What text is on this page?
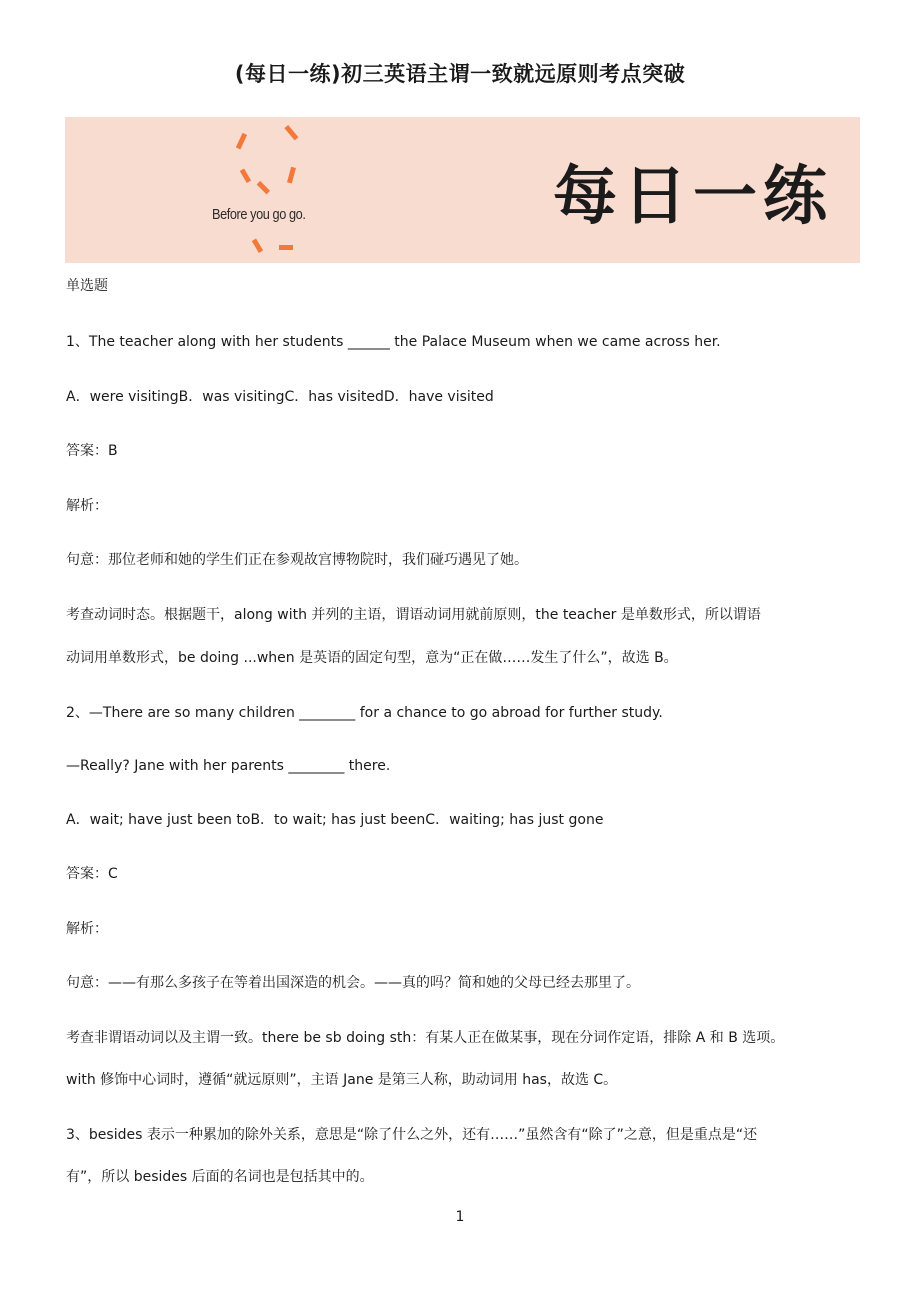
(每日一练)初三英语主谓一致就远原则考点突破
Before you go go.	每日一练
单选题
1、The teacher along with her students ______ the Palace Museum when we came across her.
A．were visitingB．was visitingC．has visitedD．have visited
答案：B
解析：
句意：那位老师和她的学生们正在参观故宫博物院时，我们碰巧遇见了她。
考查动词时态。根据题干，along with 并列的主语，谓语动词用就前原则，the teacher 是单数形式，所以谓语
动词用单数形式，be doing ...when 是英语的固定句型，意为“正在做……发生了什么”，故选 B。
2、—There are so many children ________ for a chance to go abroad for further study.
—Really? Jane with her parents ________ there.
A．wait; have just been toB．to wait; has just beenC．waiting; has just gone
答案：C
解析：
句意：——有那么多孩子在等着出国深造的机会。——真的吗？简和她的父母已经去那里了。
考查非谓语动词以及主谓一致。there be sb doing sth：有某人正在做某事，现在分词作定语，排除 A 和 B 选项。
with 修饰中心词时，遵循“就远原则”，主语 Jane 是第三人称，助动词用 has，故选 C。
3、besides 表示一种累加的除外关系，意思是“除了什么之外，还有……”虽然含有“除了”之意，但是重点是“还
有”，所以 besides 后面的名词也是包括其中的。
1
